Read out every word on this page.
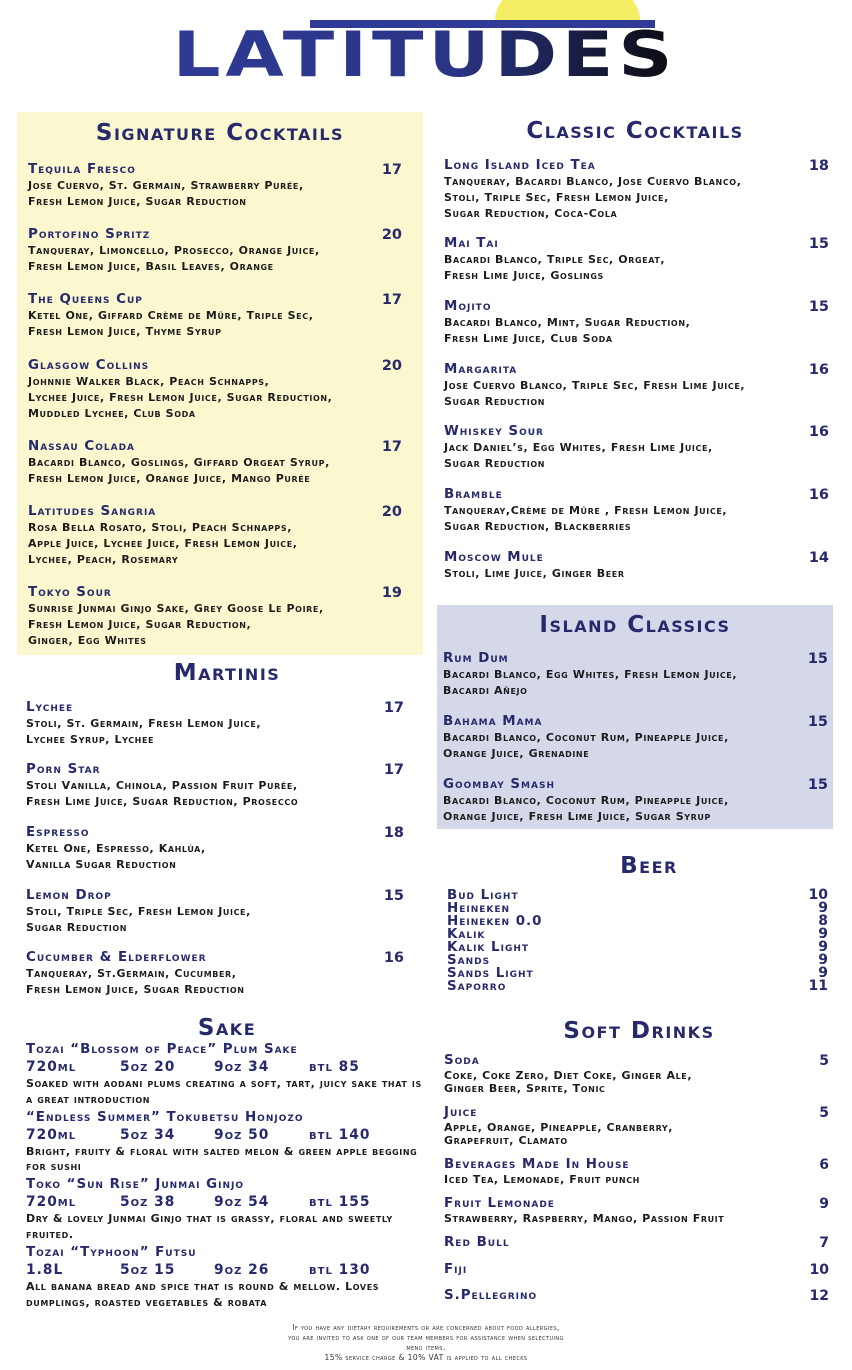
LATITUDES
Signature Cocktails
Tequila Fresco	17
Jose Cuervo, St. Germain, Strawberry Purée,
Fresh Lemon Juice, Sugar Reduction
Portofino Spritz	20
Tanqueray, Limoncello, Prosecco, Orange Juice,
Fresh Lemon Juice, Basil Leaves, Orange
The Queens Cup	17
Ketel One, Giffard Crème de Mûre, Triple Sec,
Fresh Lemon Juice, Thyme Syrup
Glasgow Collins	20
Johnnie Walker Black, Peach Schnapps,
Lychee Juice, Fresh Lemon Juice, Sugar Reduction,
Muddled Lychee, Club Soda
Nassau Colada	17
Bacardi Blanco, Goslings, Giffard Orgeat Syrup,
Fresh Lemon Juice, Orange Juice, Mango Purée
Latitudes Sangria	20
Rosa Bella Rosato, Stoli, Peach Schnapps,
Apple Juice, Lychee Juice, Fresh Lemon Juice,
Lychee, Peach, Rosemary
Tokyo Sour	19
Sunrise Junmai Ginjo Sake, Grey Goose Le Poire,
Fresh Lemon Juice, Sugar Reduction,
Ginger, Egg Whites
Martinis
Lychee	17
Stoli, St. Germain, Fresh Lemon Juice,
Lychee Syrup, Lychee
Porn Star	17
Stoli Vanilla, Chinola, Passion Fruit Purée,
Fresh Lime Juice, Sugar Reduction, Prosecco
Espresso	18
Ketel One, Espresso, Kahlúa,
Vanilla Sugar Reduction
Lemon Drop	15
Stoli, Triple Sec, Fresh Lemon Juice,
Sugar Reduction
Cucumber & Elderflower	16
Tanqueray, St.Germain, Cucumber,
Fresh Lemon Juice, Sugar Reduction
Sake
Tozai “Blossom of Peace” Plum Sake
720ml	5oz 20	9oz 34	btl 85
Soaked with aodani plums creating a soft, tart, juicy sake that is a great introduction
“Endless Summer” Tokubetsu Honjozo
720ml	5oz 34	9oz 50	btl 140
Bright, fruity & floral with salted melon & green apple begging for sushi
Toko “Sun Rise” Junmai Ginjo
720ml	5oz 38	9oz 54	btl 155
Dry & lovely Junmai Ginjo that is grassy, floral and sweetly fruited.
Tozai “Typhoon” Futsu
1.8L	5oz 15	9oz 26	btl 130
All banana bread and spice that is round & mellow. Loves dumplings, roasted vegetables & robata
Classic Cocktails
Long Island Iced Tea	18
Tanqueray, Bacardi Blanco, Jose Cuervo Blanco,
Stoli, Triple Sec, Fresh Lemon Juice,
Sugar Reduction, Coca-Cola
Mai Tai	15
Bacardi Blanco, Triple Sec, Orgeat,
Fresh Lime Juice, Goslings
Mojito	15
Bacardi Blanco, Mint, Sugar Reduction,
Fresh Lime Juice, Club Soda
Margarita	16
Jose Cuervo Blanco, Triple Sec, Fresh Lime Juice,
Sugar Reduction
Whiskey Sour	16
Jack Daniel’s, Egg Whites, Fresh Lime Juice,
Sugar Reduction
Bramble	16
Tanqueray,Crème de Mûre , Fresh Lemon Juice,
Sugar Reduction, Blackberries
Moscow Mule	14
Stoli, Lime Juice, Ginger Beer
Island Classics
Rum Dum	15
Bacardi Blanco, Egg Whites, Fresh Lemon Juice,
Bacardi Añejo
Bahama Mama	15
Bacardi Blanco, Coconut Rum, Pineapple Juice,
Orange Juice, Grenadine
Goombay Smash	15
Bacardi Blanco, Coconut Rum, Pineapple Juice,
Orange Juice, Fresh Lime Juice, Sugar Syrup
Beer
Bud Light	10
Heineken	9
Heineken 0.0	8
Kalik	9
Kalik Light	9
Sands	9
Sands Light	9
Saporro	11
Soft Drinks
Soda	5
Coke, Coke Zero, Diet Coke, Ginger Ale,
Ginger Beer, Sprite, Tonic
Juice	5
Apple, Orange, Pineapple, Cranberry,
Grapefruit, Clamato
Beverages Made In House	6
Iced Tea, Lemonade, Fruit punch
Fruit Lemonade	9
Strawberry, Raspberry, Mango, Passion Fruit
Red Bull	7
Fiji	10
S.Pellegrino	12
If you have any dietary requirements or are concerned about food allergies,
you are invited to ask one of our team members for assistance when selectuing
menu items.
15% service charge & 10% VAT is applied to all checks
